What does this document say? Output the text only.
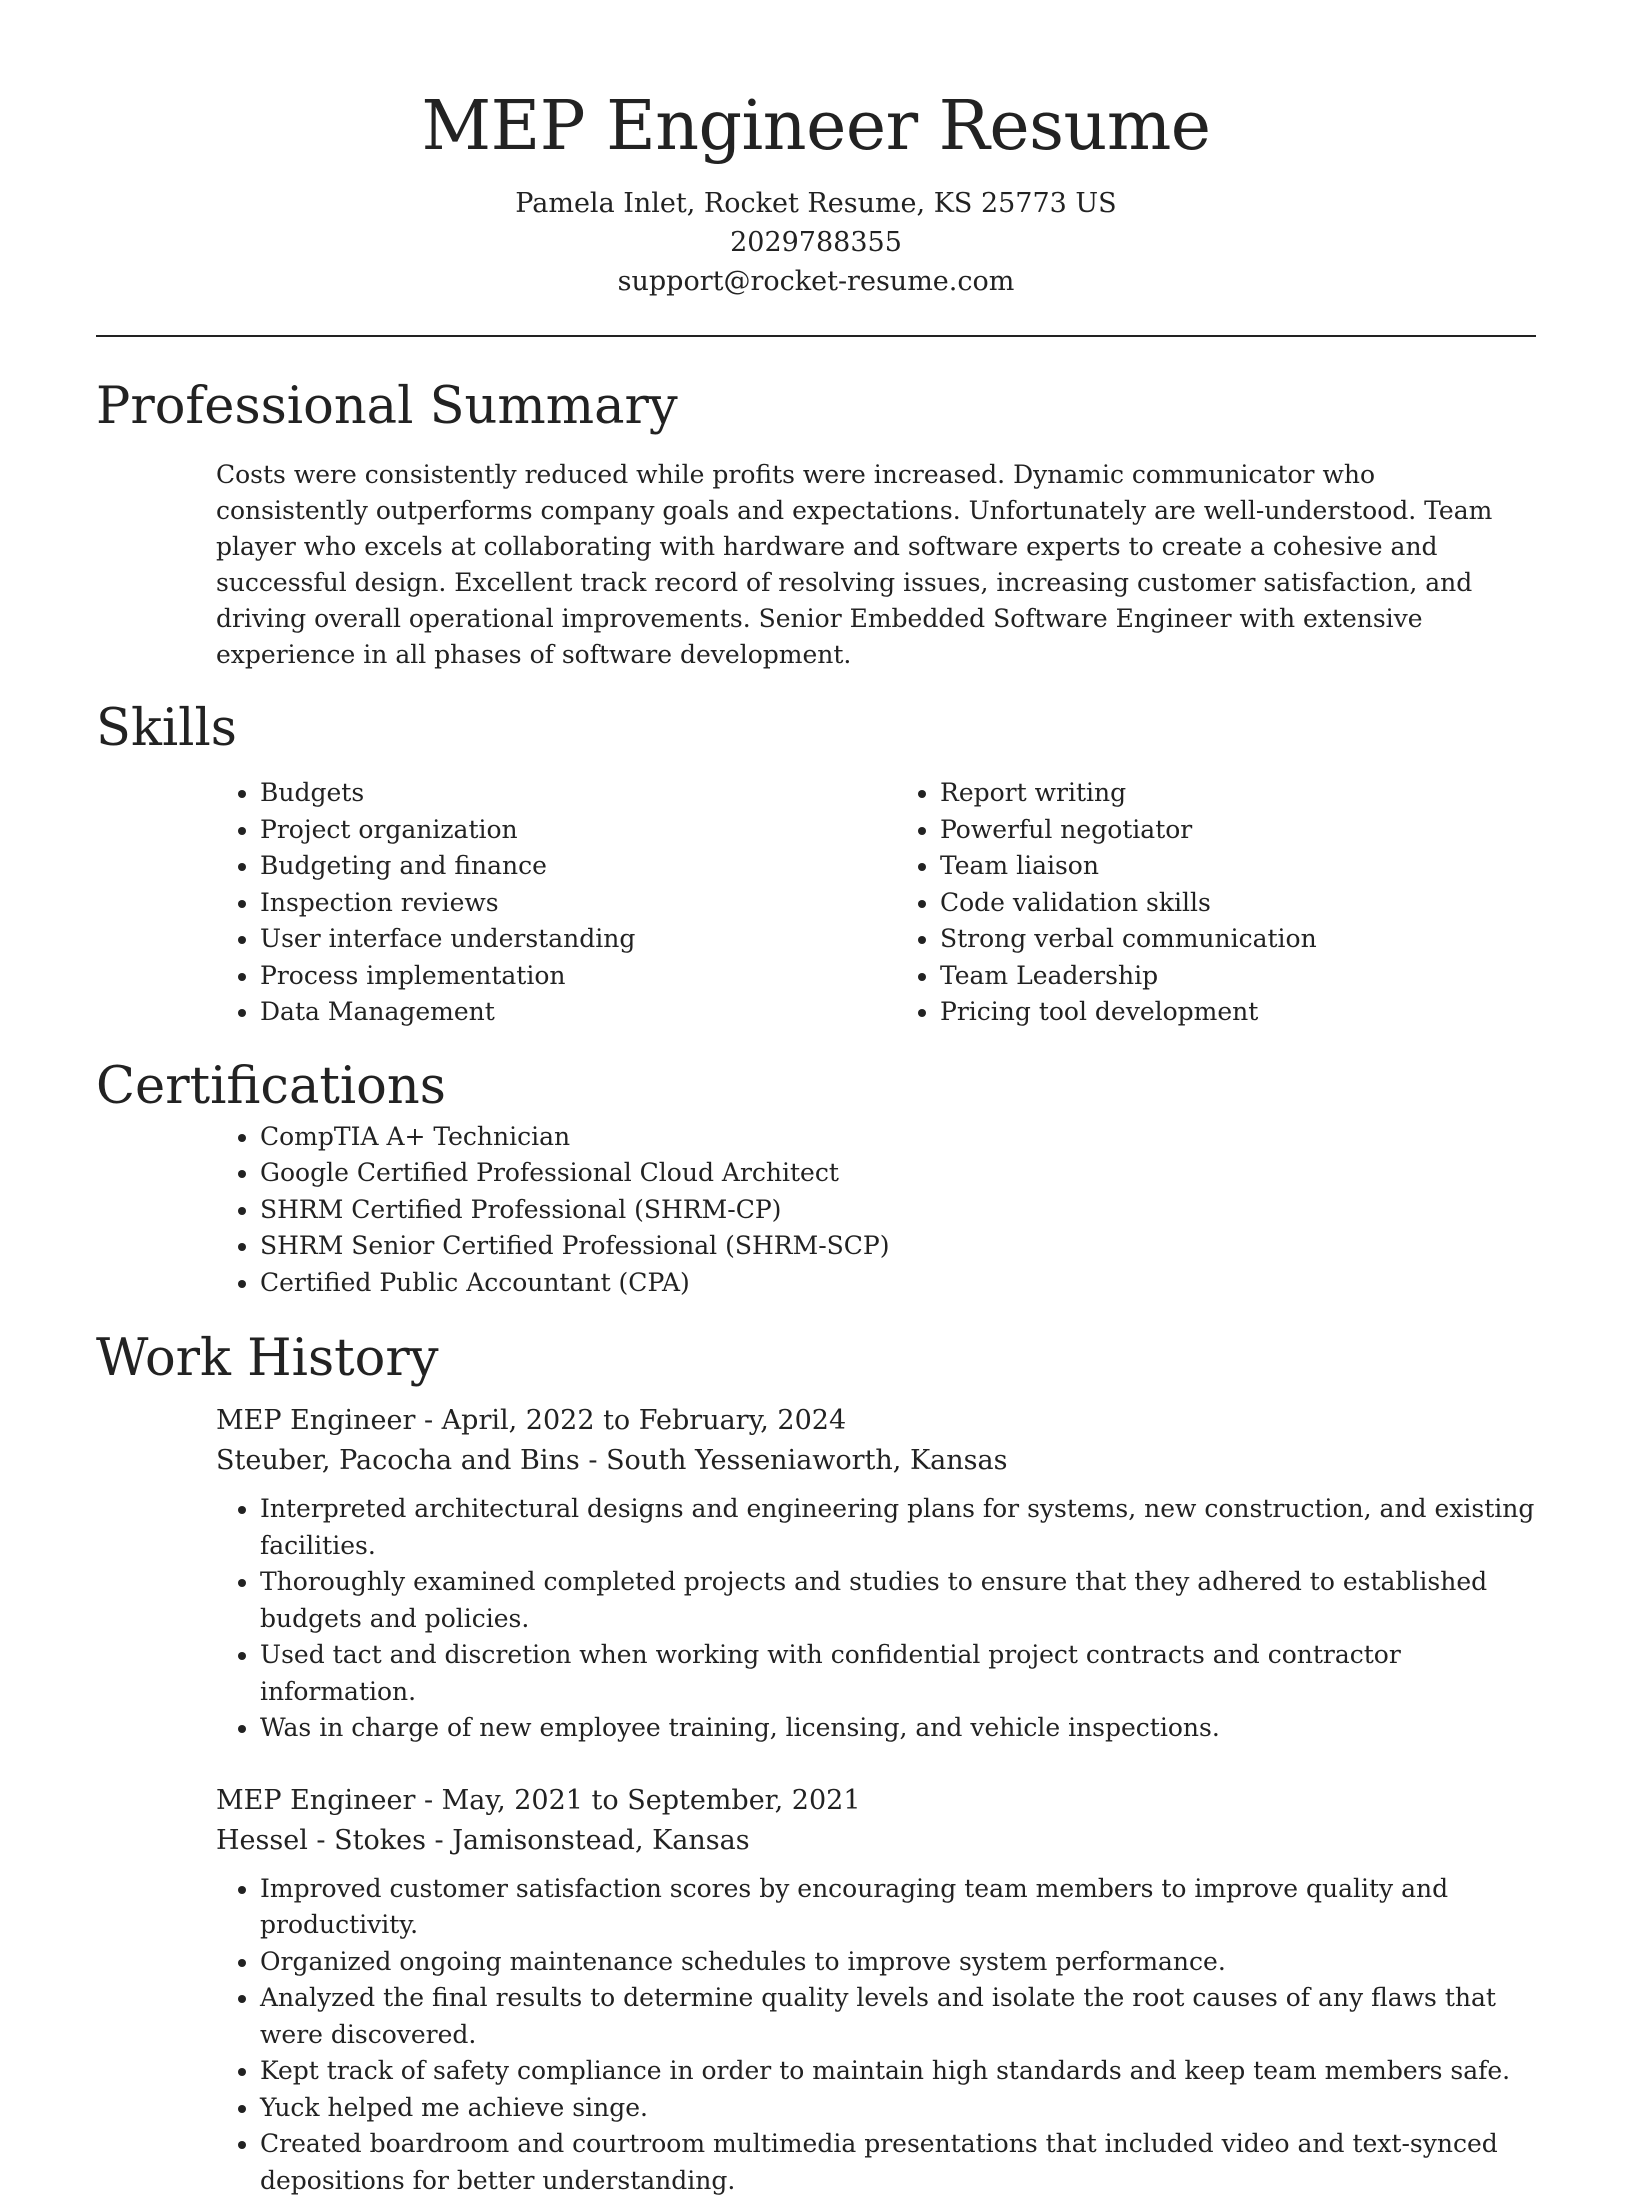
MEP Engineer Resume
Pamela Inlet, Rocket Resume, KS 25773 US
2029788355
support@rocket-resume.com
Professional Summary

Costs were consistently reduced while profits were increased. Dynamic communicator who consistently outperforms company goals and expectations. Unfortunately are well-understood. Team player who excels at collaborating with hardware and software experts to create a cohesive and successful design. Excellent track record of resolving issues, increasing customer satisfaction, and driving overall operational improvements. Senior Embedded Software Engineer with extensive experience in all phases of software development.

Skills
• Budgets
• Project organization
• Budgeting and finance
• Inspection reviews
• User interface understanding
• Process implementation
• Data Management
• Report writing
• Powerful negotiator
• Team liaison
• Code validation skills
• Strong verbal communication
• Team Leadership
• Pricing tool development
Certifications
• CompTIA A+ Technician
• Google Certified Professional Cloud Architect
• SHRM Certified Professional (SHRM-CP)
• SHRM Senior Certified Professional (SHRM-SCP)
• Certified Public Accountant (CPA)
Work History
MEP Engineer - April, 2022 to February, 2024
Steuber, Pacocha and Bins - South Yesseniaworth, Kansas
• Interpreted architectural designs and engineering plans for systems, new construction, and existing facilities.
• Thoroughly examined completed projects and studies to ensure that they adhered to established budgets and policies.
• Used tact and discretion when working with confidential project contracts and contractor information.
• Was in charge of new employee training, licensing, and vehicle inspections.
MEP Engineer - May, 2021 to September, 2021
Hessel - Stokes - Jamisonstead, Kansas
• Improved customer satisfaction scores by encouraging team members to improve quality and productivity.
• Organized ongoing maintenance schedules to improve system performance.
• Analyzed the final results to determine quality levels and isolate the root causes of any flaws that were discovered.
• Kept track of safety compliance in order to maintain high standards and keep team members safe.
• Yuck helped me achieve singe.
• Created boardroom and courtroom multimedia presentations that included video and text-synced depositions for better understanding.
